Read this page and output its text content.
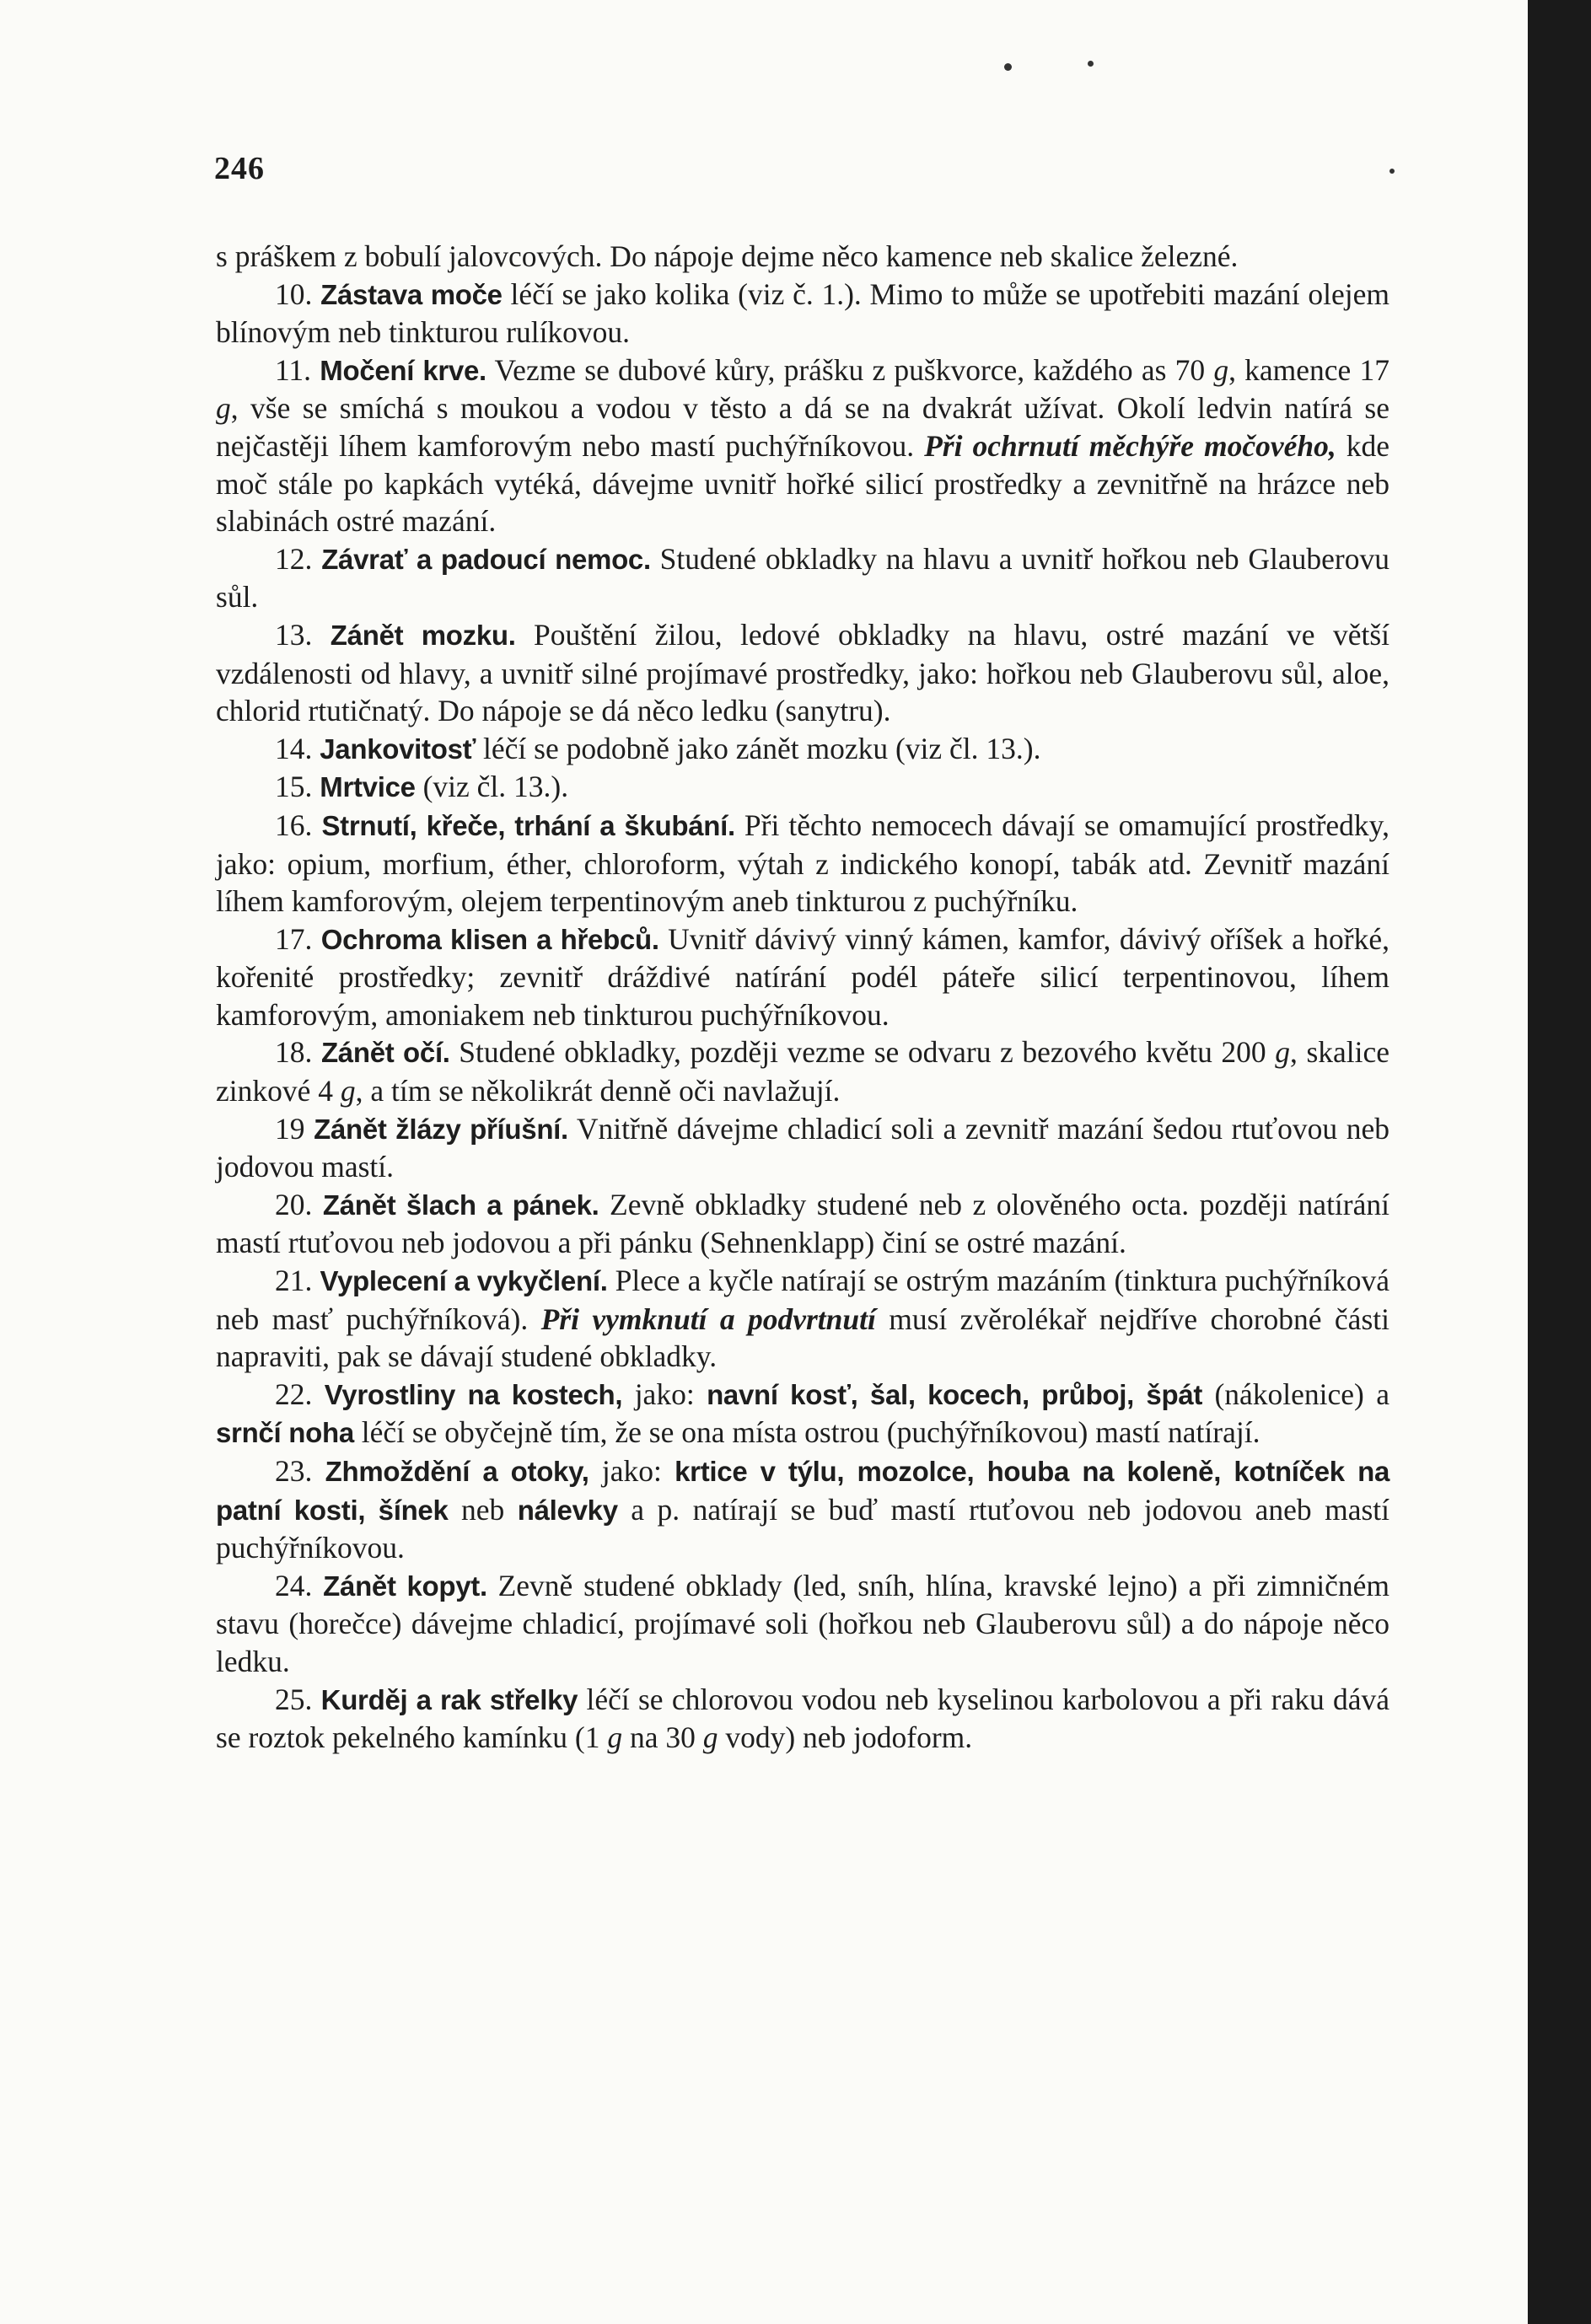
246

s práškem z bobulí jalovcových. Do nápoje dejme něco kamence neb skalice železné.

10. Zástava moče léčí se jako kolika (viz č. 1.). Mimo to může se upotřebiti mazání olejem blínovým neb tinkturou rulíkovou.

11. Močení krve. Vezme se dubové kůry, prášku z puškvorce, každého as 70 g, kamence 17 g, vše se smíchá s moukou a vodou v těsto a dá se na dvakrát užívat. Okolí ledvin natírá se nejčastěji líhem kamforovým nebo mastí puchýřníkovou. Při ochrnutí měchýře močového, kde moč stále po kapkách vytéká, dávejme uvnitř hořké silicí prostředky a zevnitřně na hrázce neb slabinách ostré mazání.

12. Závrať a padoucí nemoc. Studené obkladky na hlavu a uvnitř hořkou neb Glauberovu sůl.

13. Zánět mozku. Pouštění žilou, ledové obkladky na hlavu, ostré mazání ve větší vzdálenosti od hlavy, a uvnitř silné projímavé prostředky, jako: hořkou neb Glauberovu sůl, aloe, chlorid rtutičnatý. Do nápoje se dá něco ledku (sanytru).

14. Jankovitosť léčí se podobně jako zánět mozku (viz čl. 13.).

15. Mrtvice (viz čl. 13.).

16. Strnutí, křeče, trhání a škubání. Při těchto nemocech dávají se omamující prostředky, jako: opium, morfium, éther, chloroform, výtah z indického konopí, tabák atd. Zevnitř mazání líhem kamforovým, olejem terpentinovým aneb tinkturou z puchýřníku.

17. Ochroma klisen a hřebců. Uvnitř dávivý vinný kámen, kamfor, dávivý oříšek a hořké, kořenité prostředky; zevnitř dráždivé natírání podél páteře silicí terpentinovou, líhem kamforovým, amoniakem neb tinkturou puchýřníkovou.

18. Zánět očí. Studené obkladky, později vezme se odvaru z bezového květu 200 g, skalice zinkové 4 g, a tím se několikrát denně oči navlažují.

19 Zánět žlázy příušní. Vnitřně dávejme chladicí soli a zevnitř mazání šedou rtuťovou neb jodovou mastí.

20. Zánět šlach a pánek. Zevně obkladky studené neb z olověného octa. později natírání mastí rtuťovou neb jodovou a při pánku (Sehnenklapp) činí se ostré mazání.

21. Vyplecení a vykyčlení. Plece a kyčle natírají se ostrým mazáním (tinktura puchýřníková neb masť puchýřníková). Při vymknutí a podvrtnutí musí zvěrolékař nejdříve chorobné části napraviti, pak se dávají studené obkladky.

22. Vyrostliny na kostech, jako: navní kosť, šal, kocech, průboj, špát (nákolenice) a srnčí noha léčí se obyčejně tím, že se ona místa ostrou (puchýřníkovou) mastí natírají.

23. Zhmoždění a otoky, jako: krtice v týlu, mozolce, houba na koleně, kotníček na patní kosti, šínek neb nálevky a p. natírají se buď mastí rtuťovou neb jodovou aneb mastí puchýřníkovou.

24. Zánět kopyt. Zevně studené obklady (led, sníh, hlína, kravské lejno) a při zimničném stavu (horečce) dávejme chladicí, projímavé soli (hořkou neb Glauberovu sůl) a do nápoje něco ledku.

25. Kurděj a rak střelky léčí se chlorovou vodou neb kyselinou karbolovou a při raku dává se roztok pekelného kamínku (1 g na 30 g vody) neb jodoform.
